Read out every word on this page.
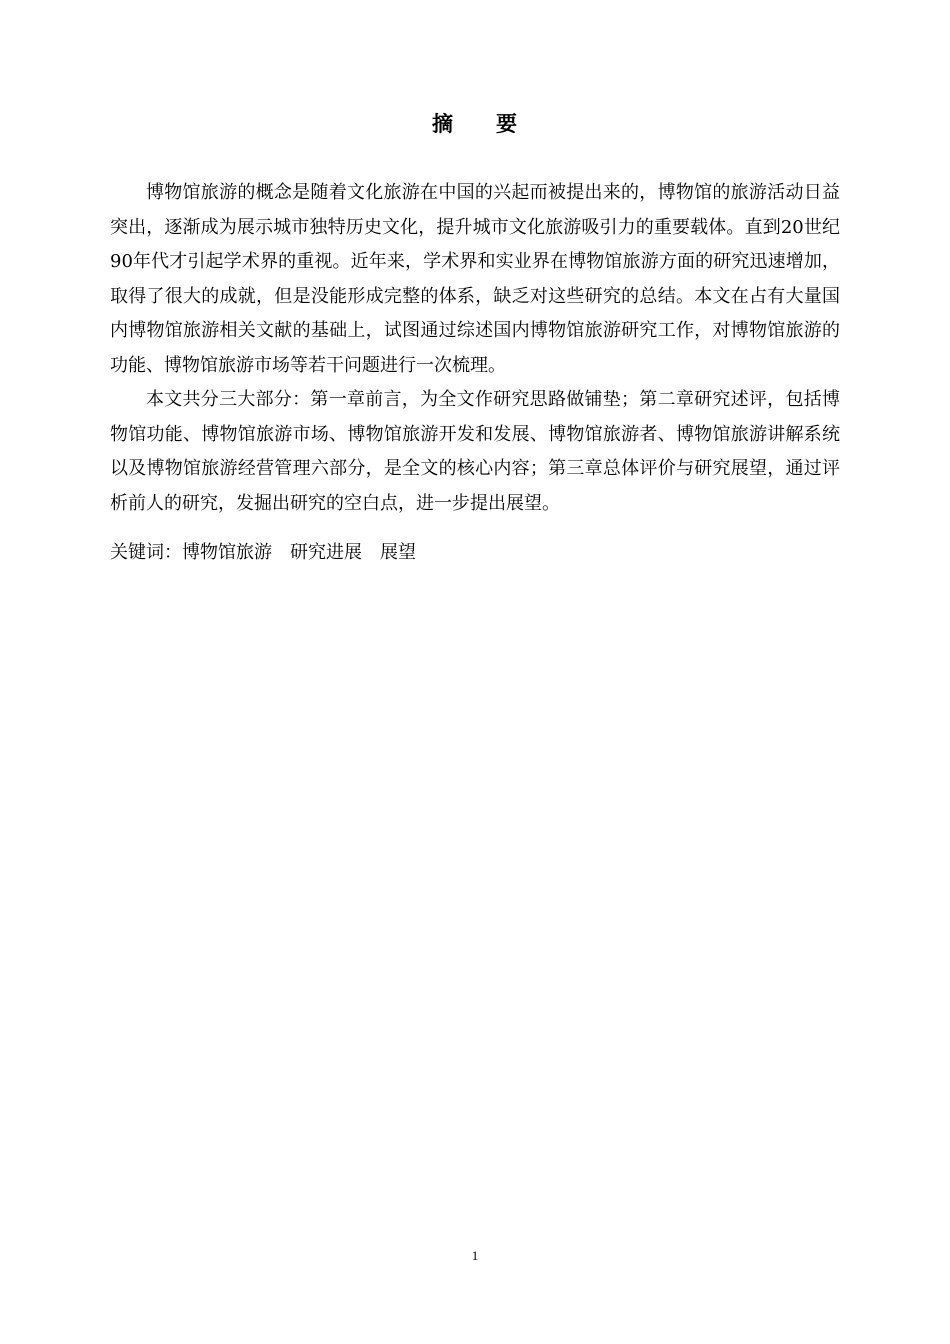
摘 要

博物馆旅游的概念是随着文化旅游在中国的兴起而被提出来的，博物馆的旅游活动日益突出，逐渐成为展示城市独特历史文化，提升城市文化旅游吸引力的重要载体。直到20世纪90年代才引起学术界的重视。近年来，学术界和实业界在博物馆旅游方面的研究迅速增加，取得了很大的成就，但是没能形成完整的体系，缺乏对这些研究的总结。本文在占有大量国内博物馆旅游相关文献的基础上，试图通过综述国内博物馆旅游研究工作，对博物馆旅游的功能、博物馆旅游市场等若干问题进行一次梳理。

本文共分三大部分：第一章前言，为全文作研究思路做铺垫；第二章研究述评，包括博物馆功能、博物馆旅游市场、博物馆旅游开发和发展、博物馆旅游者、博物馆旅游讲解系统以及博物馆旅游经营管理六部分，是全文的核心内容；第三章总体评价与研究展望，通过评析前人的研究，发掘出研究的空白点，进一步提出展望。

关键词：博物馆旅游 研究进展 展望
1
